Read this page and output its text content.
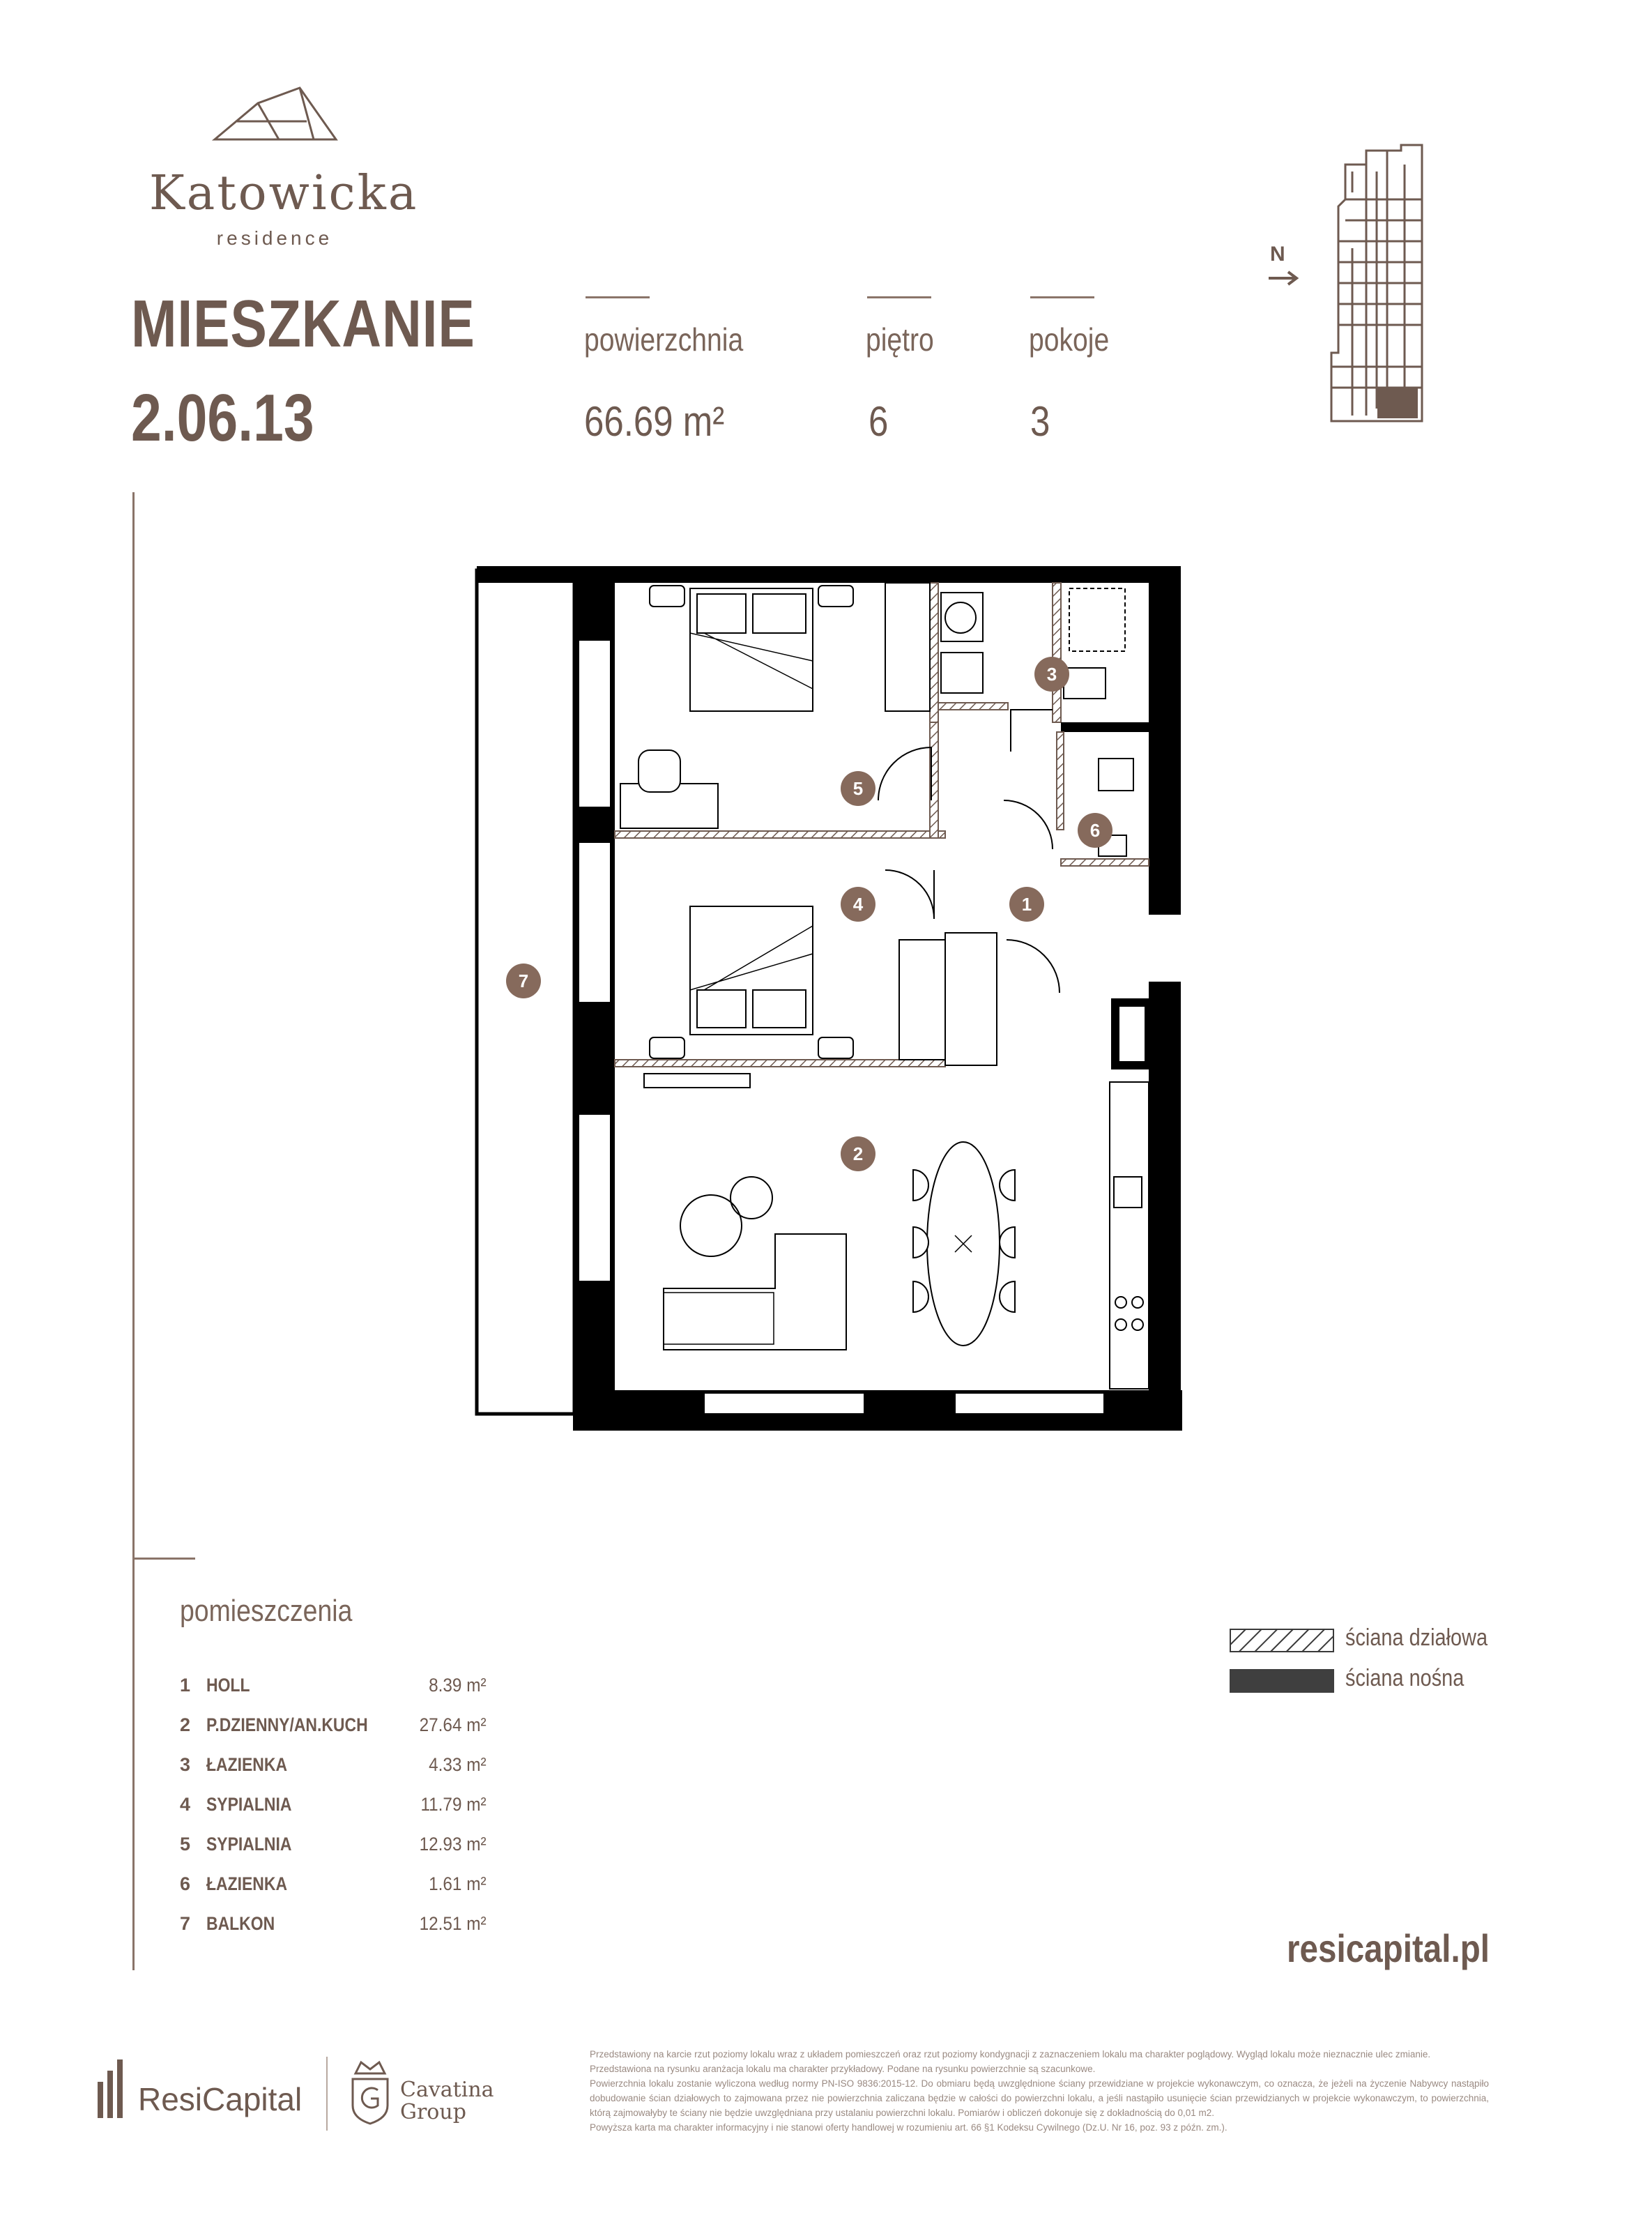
Katowicka
residence
MIESZKANIE
2.06.13
powierzchnia
66.69 m²
piętro
6
pokoje
3
N
1
2
3
4
5
6
7
pomieszczenia
1 HOLL	8.39 m²
2 P.DZIENNY/AN.KUCH	27.64 m²
3 ŁAZIENKA	4.33 m²
4 SYPIALNIA	11.79 m²
5 SYPIALNIA	12.93 m²
6 ŁAZIENKA	1.61 m²
7 BALKON	12.51 m²
ściana działowa
ściana nośna
resicapital.pl
ResiCapital	Cavatina
Group

Przedstawiony na karcie rzut poziomy lokalu wraz z układem pomieszczeń oraz rzut poziomy kondygnacji z zaznaczeniem lokalu ma charakter poglądowy. Wygląd lokalu może nieznacznie ulec zmianie.

Przedstawiona na rysunku aranżacja lokalu ma charakter przykładowy. Podane na rysunku powierzchnie są szacunkowe.

Powierzchnia lokalu zostanie wyliczona według normy PN-ISO 9836:2015-12. Do obmiaru będą uwzględnione ściany przewidziane w projekcie wykonawczym, co oznacza, że jeżeli na życzenie Nabywcy nastąpiło dobudowanie ścian działowych to zajmowana przez nie powierzchnia zaliczana będzie w całości do powierzchni lokalu, a jeśli nastąpiło usunięcie ścian przewidzianych w projekcie wykonawczym, to powierzchnia, którą zajmowałyby te ściany nie będzie uwzględniana przy ustalaniu powierzchni lokalu. Pomiarów i obliczeń dokonuje się z dokładnością do 0,01 m2.

Powyższa karta ma charakter informacyjny i nie stanowi oferty handlowej w rozumieniu art. 66 §1 Kodeksu Cywilnego (Dz.U. Nr 16, poz. 93 z późn. zm.).
